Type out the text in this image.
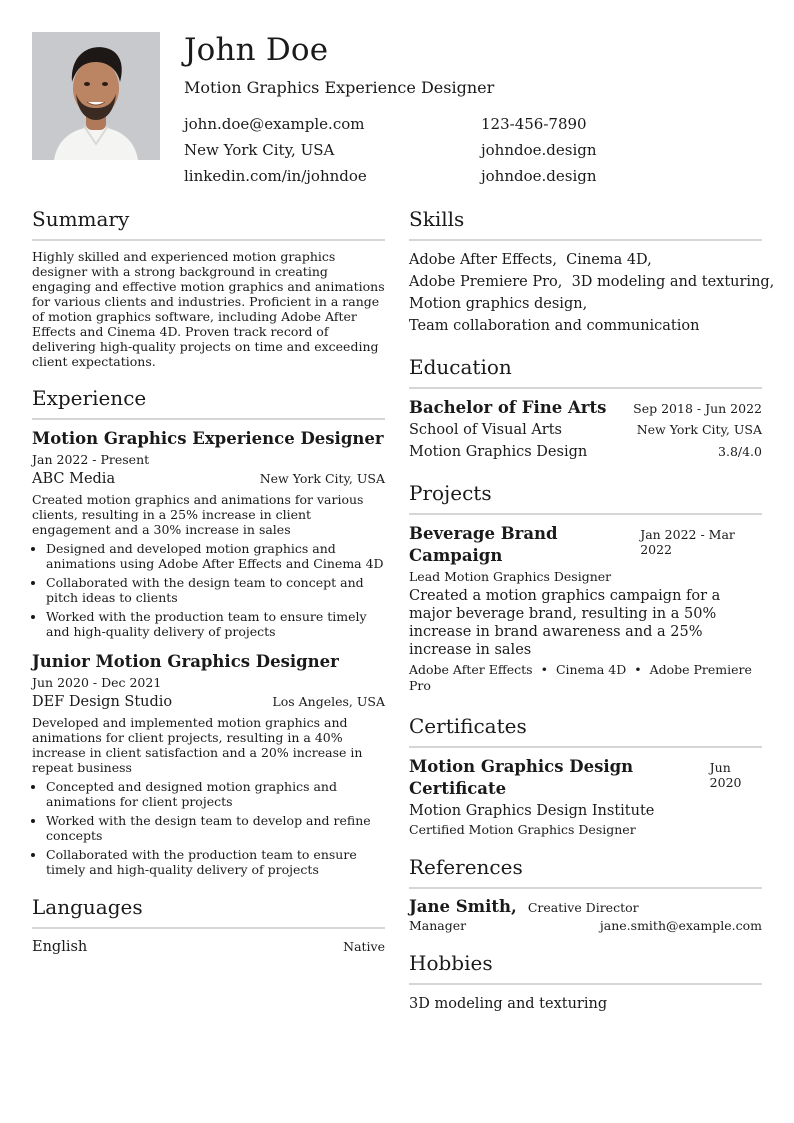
John Doe
Motion Graphics Experience Designer
john.doe@example.com	123-456-7890
New York City, USA	johndoe.design
linkedin.com/in/johndoe	johndoe.design
Summary
Highly skilled and experienced motion graphics designer with a strong background in creating engaging and effective motion graphics and animations for various clients and industries. Proficient in a range of motion graphics software, including Adobe After Effects and Cinema 4D. Proven track record of delivering high-quality projects on time and exceeding client expectations.
Experience
Motion Graphics Experience Designer
Jan 2022 - Present
ABC Media	New York City, USA
Created motion graphics and animations for various clients, resulting in a 25% increase in client engagement and a 30% increase in sales
• Designed and developed motion graphics and animations using Adobe After Effects and Cinema 4D
• Collaborated with the design team to concept and pitch ideas to clients
• Worked with the production team to ensure timely and high-quality delivery of projects
Junior Motion Graphics Designer
Jun 2020 - Dec 2021
DEF Design Studio	Los Angeles, USA
Developed and implemented motion graphics and animations for client projects, resulting in a 40% increase in client satisfaction and a 20% increase in repeat business
• Concepted and designed motion graphics and animations for client projects
• Worked with the design team to develop and refine concepts
• Collaborated with the production team to ensure timely and high-quality delivery of projects
Languages
English	Native
Skills
Adobe After Effects, Cinema 4D,
Adobe Premiere Pro, 3D modeling and texturing,
Motion graphics design,
Team collaboration and communication
Education
Bachelor of Fine Arts Sep 2018 - Jun 2022
School of Visual Arts	New York City, USA
Motion Graphics Design	3.8/4.0
Projects
Beverage Brand Campaign
Jan 2022 - Mar 2022
Lead Motion Graphics Designer
Created a motion graphics campaign for a major beverage brand, resulting in a 50% increase in brand awareness and a 25% increase in sales
Adobe After Effects • Cinema 4D • Adobe Premiere Pro
Certificates
Motion Graphics Design Certificate
Jun 2020
Motion Graphics Design Institute
Certified Motion Graphics Designer
References
Jane Smith, Creative Director
Manager	jane.smith@example.com
Hobbies
3D modeling and texturing
